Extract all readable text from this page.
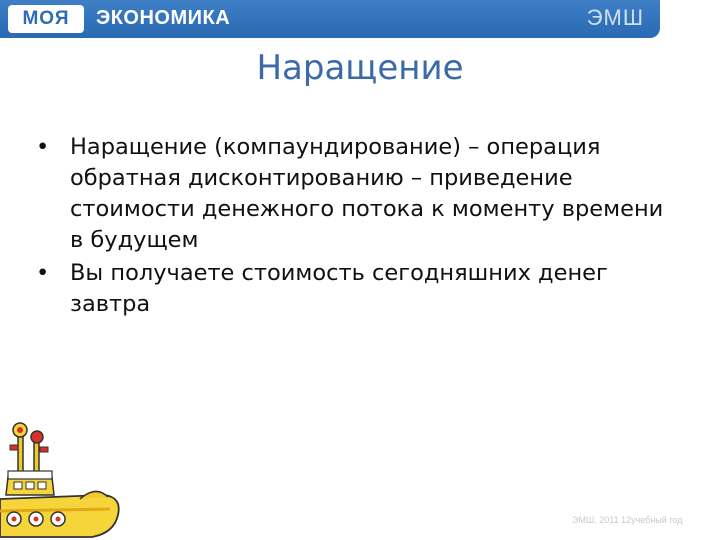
МОЯ	ЭКОНОМИКА	ЭМШ
Наращение
• Наращение (компаундирование) – операция обратная дисконтированию – приведение стоимости денежного потока к моменту времени в будущем
• Вы получаете стоимость сегодняшних денег завтра
ЭМШ, 2011 12учебный год
